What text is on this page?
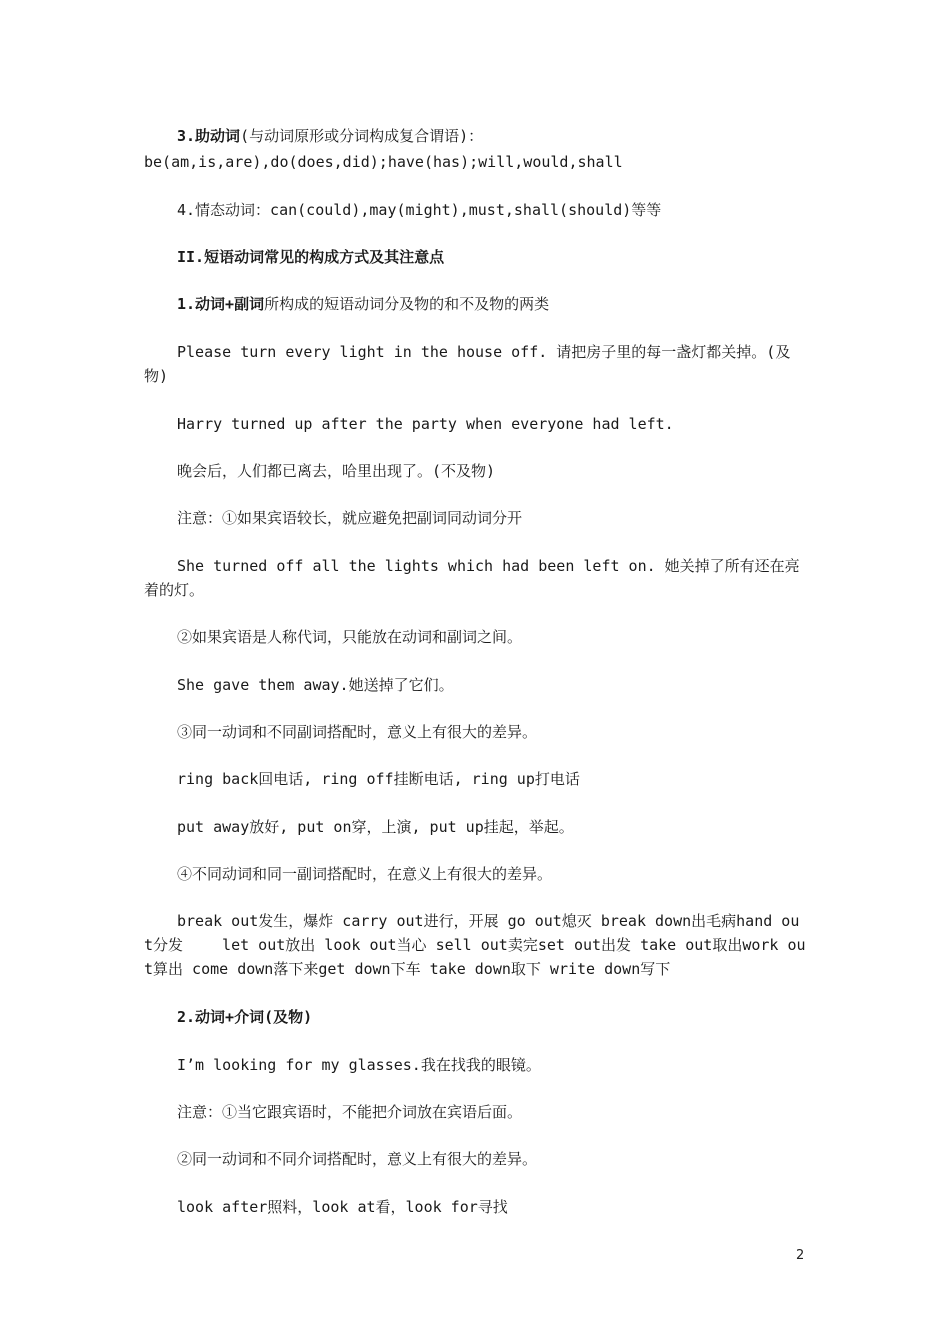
3.助动词(与动词原形或分词构成复合谓语)：
be(am,is,are),do(does,did);have(has);will,would,shall
4.情态动词：can(could),may(might),must,shall(should)等等
II.短语动词常见的构成方式及其注意点
1.动词+副词所构成的短语动词分及物的和不及物的两类
Please turn every light in the house off. 请把房子里的每一盏灯都关掉。(及物)
Harry turned up after the party when everyone had left.
晚会后，人们都已离去，哈里出现了。(不及物)
注意：①如果宾语较长，就应避免把副词同动词分开
She turned off all the lights which had been left on. 她关掉了所有还在亮着的灯。
②如果宾语是人称代词，只能放在动词和副词之间。
She gave them away.她送掉了它们。
③同一动词和不同副词搭配时，意义上有很大的差异。
ring back回电话, ring off挂断电话, ring up打电话
put away放好, put on穿，上演, put up挂起，举起。
④不同动词和同一副词搭配时，在意义上有很大的差异。
break out发生，爆炸 carry out进行，开展 go out熄灭 break down出毛病hand out分发　　 let out放出 look out当心 sell out卖完set out出发 take out取出work out算出 come down落下来get down下车 take down取下 write down写下
2.动词+介词(及物)
I’m looking for my glasses.我在找我的眼镜。
注意：①当它跟宾语时，不能把介词放在宾语后面。
②同一动词和不同介词搭配时，意义上有很大的差异。
look after照料，look at看，look for寻找
2
